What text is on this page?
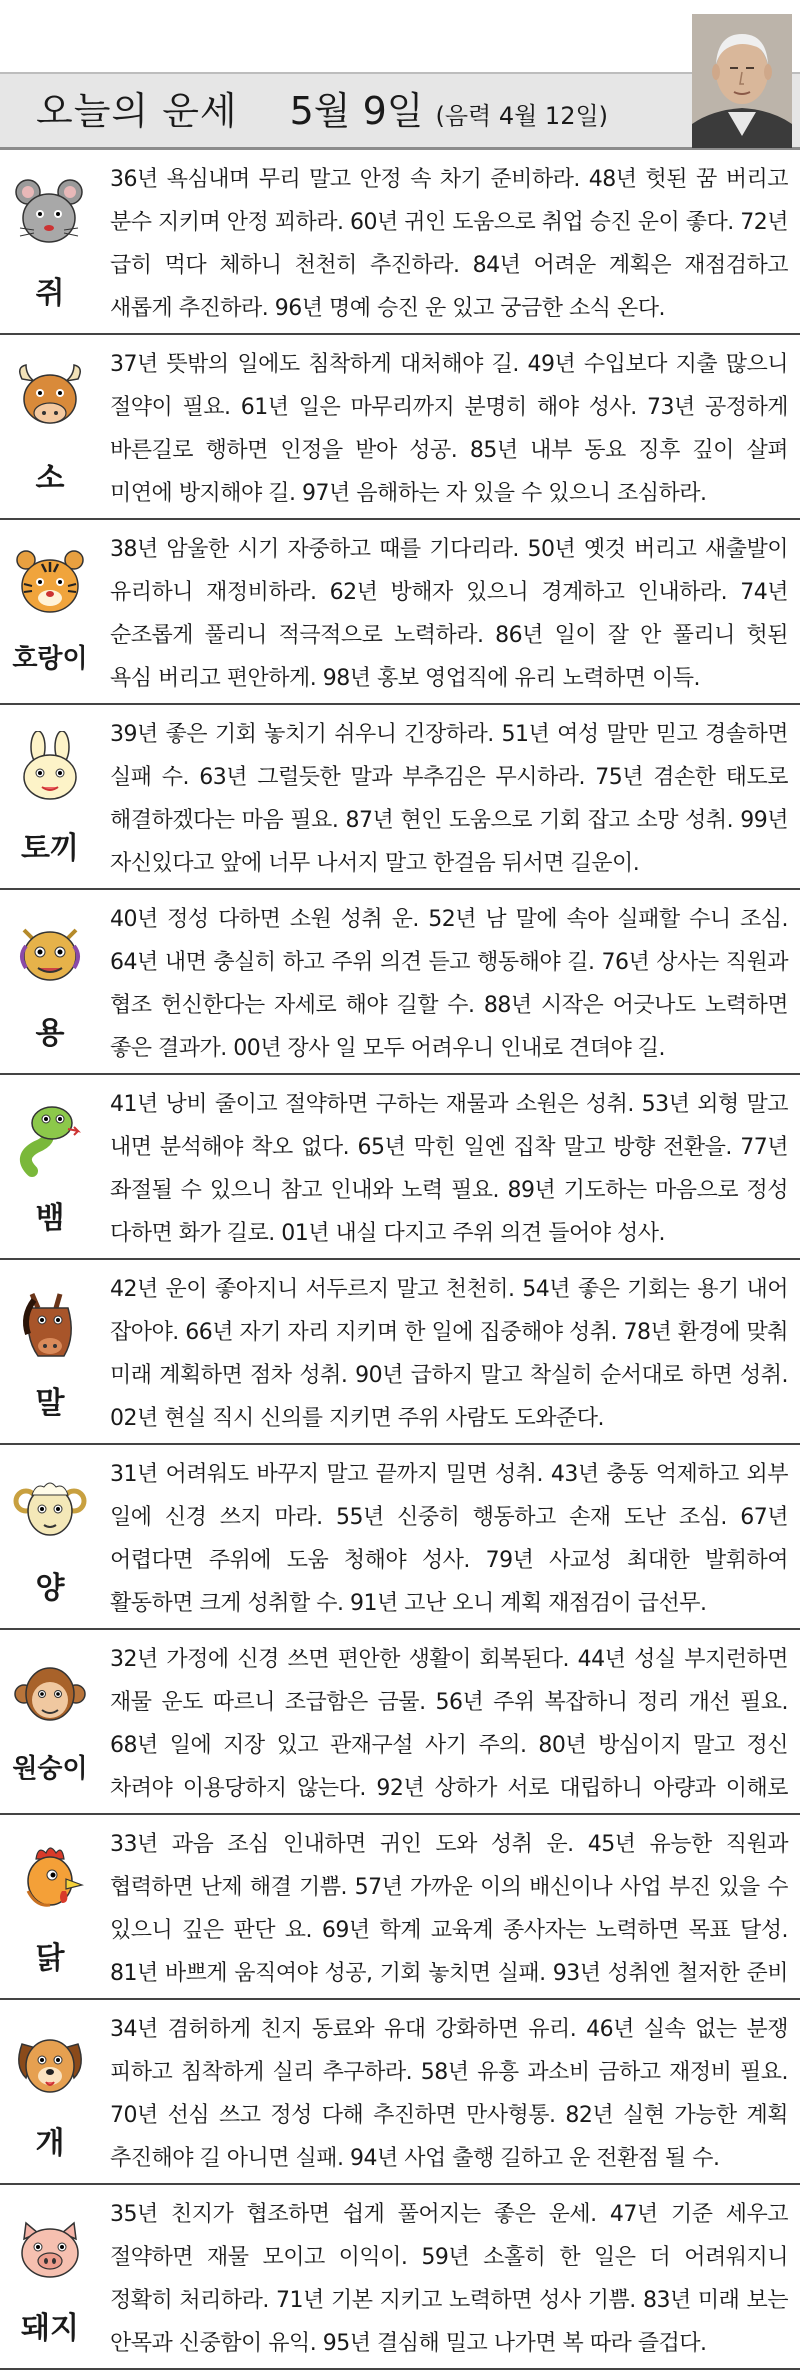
오늘의 운세 5월 9일 (음력 4월 12일)
쥐
36년 욕심내며 무리 말고 안정 속 차기 준비하라. 48년 헛된 꿈 버리고 분수 지키며 안정 꾀하라. 60년 귀인 도움으로 취업 승진 운이 좋다. 72년 급히 먹다 체하니 천천히 추진하라. 84년 어려운 계획은 재점검하고 새롭게 추진하라. 96년 명예 승진 운 있고 궁금한 소식 온다.
소
37년 뜻밖의 일에도 침착하게 대처해야 길. 49년 수입보다 지출 많으니 절약이 필요. 61년 일은 마무리까지 분명히 해야 성사. 73년 공정하게 바른길로 행하면 인정을 받아 성공. 85년 내부 동요 징후 깊이 살펴 미연에 방지해야 길. 97년 음해하는 자 있을 수 있으니 조심하라.
호랑이
38년 암울한 시기 자중하고 때를 기다리라. 50년 옛것 버리고 새출발이 유리하니 재정비하라. 62년 방해자 있으니 경계하고 인내하라. 74년 순조롭게 풀리니 적극적으로 노력하라. 86년 일이 잘 안 풀리니 헛된 욕심 버리고 편안하게. 98년 홍보 영업직에 유리 노력하면 이득.
토끼
39년 좋은 기회 놓치기 쉬우니 긴장하라. 51년 여성 말만 믿고 경솔하면 실패 수. 63년 그럴듯한 말과 부추김은 무시하라. 75년 겸손한 태도로 해결하겠다는 마음 필요. 87년 현인 도움으로 기회 잡고 소망 성취. 99년 자신있다고 앞에 너무 나서지 말고 한걸음 뒤서면 길운이.
용
40년 정성 다하면 소원 성취 운. 52년 남 말에 속아 실패할 수니 조심. 64년 내면 충실히 하고 주위 의견 듣고 행동해야 길. 76년 상사는 직원과 협조 헌신한다는 자세로 해야 길할 수. 88년 시작은 어긋나도 노력하면 좋은 결과가. 00년 장사 일 모두 어려우니 인내로 견뎌야 길.
뱀
41년 낭비 줄이고 절약하면 구하는 재물과 소원은 성취. 53년 외형 말고 내면 분석해야 착오 없다. 65년 막힌 일엔 집착 말고 방향 전환을. 77년 좌절될 수 있으니 참고 인내와 노력 필요. 89년 기도하는 마음으로 정성 다하면 화가 길로. 01년 내실 다지고 주위 의견 들어야 성사.
말
42년 운이 좋아지니 서두르지 말고 천천히. 54년 좋은 기회는 용기 내어 잡아야. 66년 자기 자리 지키며 한 일에 집중해야 성취. 78년 환경에 맞춰 미래 계획하면 점차 성취. 90년 급하지 말고 착실히 순서대로 하면 성취. 02년 현실 직시 신의를 지키면 주위 사람도 도와준다.
양
31년 어려워도 바꾸지 말고 끝까지 밀면 성취. 43년 충동 억제하고 외부 일에 신경 쓰지 마라. 55년 신중히 행동하고 손재 도난 조심. 67년 어렵다면 주위에 도움 청해야 성사. 79년 사교성 최대한 발휘하여 활동하면 크게 성취할 수. 91년 고난 오니 계획 재점검이 급선무.
원숭이
32년 가정에 신경 쓰면 편안한 생활이 회복된다. 44년 성실 부지런하면 재물 운도 따르니 조급함은 금물. 56년 주위 복잡하니 정리 개선 필요. 68년 일에 지장 있고 관재구설 사기 주의. 80년 방심이지 말고 정신 차려야 이용당하지 않는다. 92년 상하가 서로 대립하니 아량과 이해로
닭
33년 과음 조심 인내하면 귀인 도와 성취 운. 45년 유능한 직원과 협력하면 난제 해결 기쁨. 57년 가까운 이의 배신이나 사업 부진 있을 수 있으니 깊은 판단 요. 69년 학계 교육계 종사자는 노력하면 목표 달성. 81년 바쁘게 움직여야 성공, 기회 놓치면 실패. 93년 성취엔 철저한 준비
개
34년 겸허하게 친지 동료와 유대 강화하면 유리. 46년 실속 없는 분쟁 피하고 침착하게 실리 추구하라. 58년 유흥 과소비 금하고 재정비 필요. 70년 선심 쓰고 정성 다해 추진하면 만사형통. 82년 실현 가능한 계획 추진해야 길 아니면 실패. 94년 사업 출행 길하고 운 전환점 될 수.
돼지
35년 친지가 협조하면 쉽게 풀어지는 좋은 운세. 47년 기준 세우고 절약하면 재물 모이고 이익이. 59년 소홀히 한 일은 더 어려워지니 정확히 처리하라. 71년 기본 지키고 노력하면 성사 기쁨. 83년 미래 보는 안목과 신중함이 유익. 95년 결심해 밀고 나가면 복 따라 즐겁다.
